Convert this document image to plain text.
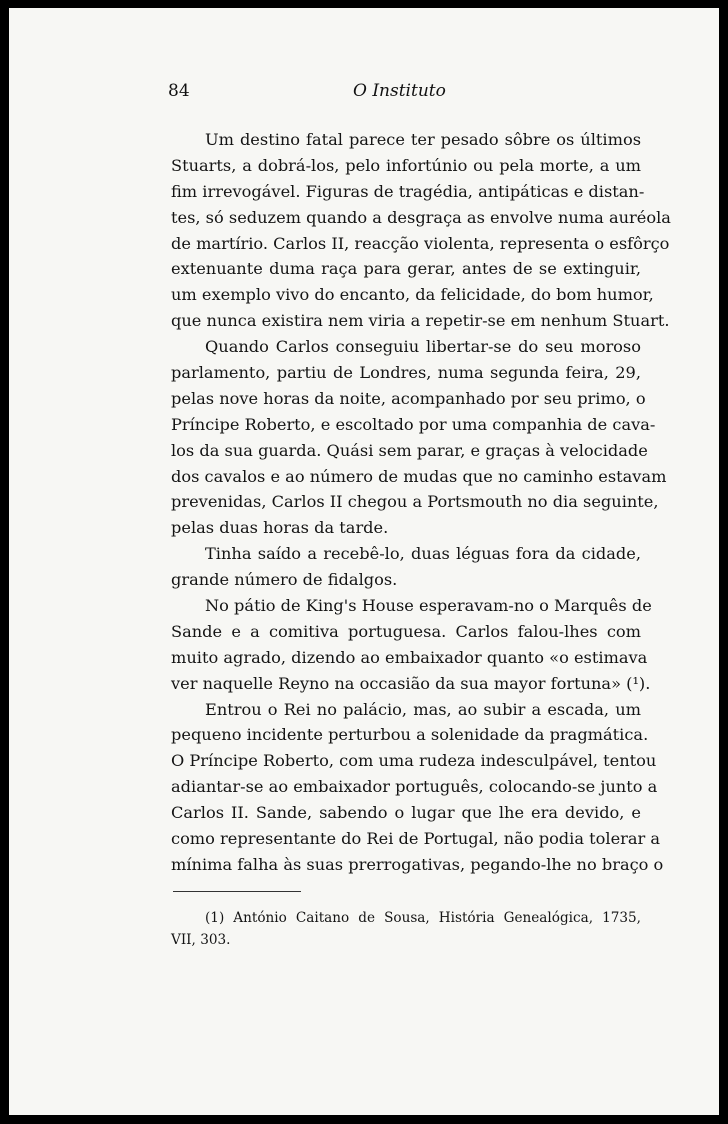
84	O Instituto
Um destino fatal parece ter pesado sôbre os últimos
Stuarts, a dobrá-los, pelo infortúnio ou pela morte, a um
fim irrevogável. Figuras de tragédia, antipáticas e distan-
tes, só seduzem quando a desgraça as envolve numa auréola
de martírio. Carlos II, reacção violenta, representa o esfôrço
extenuante duma raça para gerar, antes de se extinguir,
um exemplo vivo do encanto, da felicidade, do bom humor,
que nunca existira nem viria a repetir-se em nenhum Stuart.
Quando Carlos conseguiu libertar-se do seu moroso
parlamento, partiu de Londres, numa segunda feira, 29,
pelas nove horas da noite, acompanhado por seu primo, o
Príncipe Roberto, e escoltado por uma companhia de cava-
los da sua guarda. Quási sem parar, e graças à velocidade
dos cavalos e ao número de mudas que no caminho estavam
prevenidas, Carlos II chegou a Portsmouth no dia seguinte,
pelas duas horas da tarde.
Tinha saído a recebê-lo, duas léguas fora da cidade,
grande número de fidalgos.
No pátio de King's House esperavam-no o Marquês de
Sande e a comitiva portuguesa. Carlos falou-lhes com
muito agrado, dizendo ao embaixador quanto «o estimava
ver naquelle Reyno na occasião da sua mayor fortuna» (¹).
Entrou o Rei no palácio, mas, ao subir a escada, um
pequeno incidente perturbou a solenidade da pragmática.
O Príncipe Roberto, com uma rudeza indesculpável, tentou
adiantar-se ao embaixador português, colocando-se junto a
Carlos II. Sande, sabendo o lugar que lhe era devido, e
como representante do Rei de Portugal, não podia tolerar a
mínima falha às suas prerrogativas, pegando-lhe no braço o
(1) António Caitano de Sousa, História Genealógica, 1735,
VII, 303.
